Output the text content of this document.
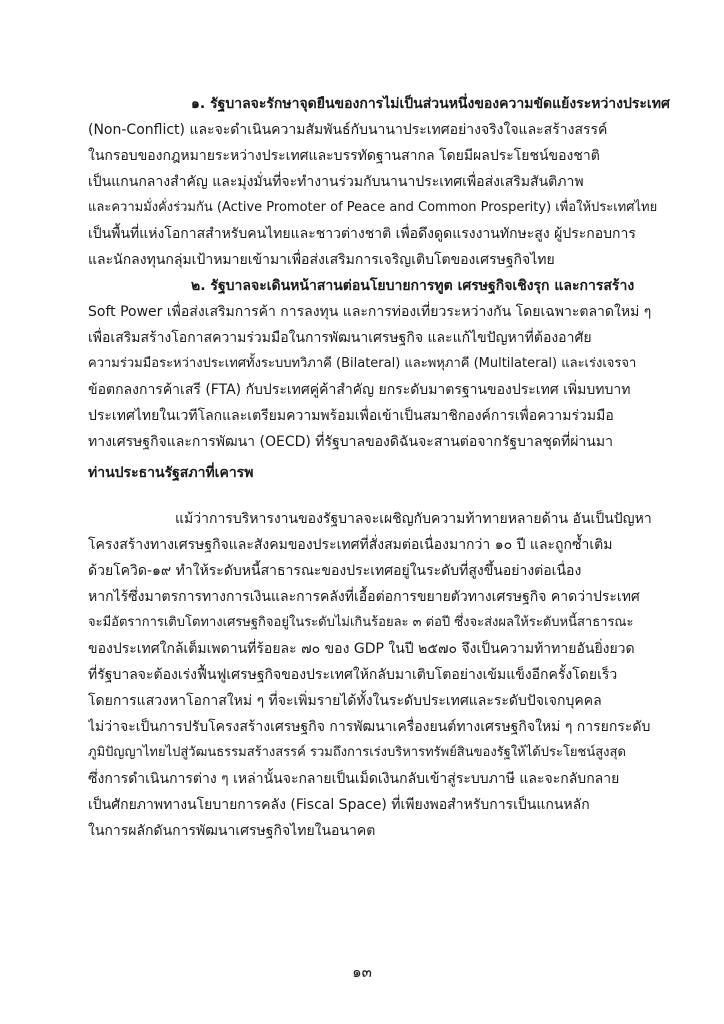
๑. รัฐบาลจะรักษาจุดยืนของการไม่เป็นส่วนหนึ่งของความขัดแย้งระหว่างประเทศ
(Non-Conflict) และจะดำเนินความสัมพันธ์กับนานาประเทศอย่างจริงใจและสร้างสรรค์
ในกรอบของกฎหมายระหว่างประเทศและบรรทัดฐานสากล โดยมีผลประโยชน์ของชาติ
เป็นแกนกลางสำคัญ และมุ่งมั่นที่จะทำงานร่วมกับนานาประเทศเพื่อส่งเสริมสันติภาพ
และความมั่งคั่งร่วมกัน (Active Promoter of Peace and Common Prosperity) เพื่อให้ประเทศไทย
เป็นพื้นที่แห่งโอกาสสำหรับคนไทยและชาวต่างชาติ เพื่อดึงดูดแรงงานทักษะสูง ผู้ประกอบการ
และนักลงทุนกลุ่มเป้าหมายเข้ามาเพื่อส่งเสริมการเจริญเติบโตของเศรษฐกิจไทย
๒. รัฐบาลจะเดินหน้าสานต่อนโยบายการทูต เศรษฐกิจเชิงรุก และการสร้าง
Soft Power เพื่อส่งเสริมการค้า การลงทุน และการท่องเที่ยวระหว่างกัน โดยเฉพาะตลาดใหม่ ๆ
เพื่อเสริมสร้างโอกาสความร่วมมือในการพัฒนาเศรษฐกิจ และแก้ไขปัญหาที่ต้องอาศัย
ความร่วมมือระหว่างประเทศทั้งระบบทวิภาคี (Bilateral) และพหุภาคี (Multilateral) และเร่งเจรจา
ข้อตกลงการค้าเสรี (FTA) กับประเทศคู่ค้าสำคัญ ยกระดับมาตรฐานของประเทศ เพิ่มบทบาท
ประเทศไทยในเวทีโลกและเตรียมความพร้อมเพื่อเข้าเป็นสมาชิกองค์การเพื่อความร่วมมือ
ทางเศรษฐกิจและการพัฒนา (OECD) ที่รัฐบาลของดิฉันจะสานต่อจากรัฐบาลชุดที่ผ่านมา
ท่านประธานรัฐสภาที่เคารพ
แม้ว่าการบริหารงานของรัฐบาลจะเผชิญกับความท้าทายหลายด้าน อันเป็นปัญหา
โครงสร้างทางเศรษฐกิจและสังคมของประเทศที่สั่งสมต่อเนื่องมากว่า ๑๐ ปี และถูกซ้ำเติม
ด้วยโควิด-๑๙ ทำให้ระดับหนี้สาธารณะของประเทศอยู่ในระดับที่สูงขึ้นอย่างต่อเนื่อง
หากไร้ซึ่งมาตรการทางการเงินและการคลังที่เอื้อต่อการขยายตัวทางเศรษฐกิจ คาดว่าประเทศ
จะมีอัตราการเติบโตทางเศรษฐกิจอยู่ในระดับไม่เกินร้อยละ ๓ ต่อปี ซึ่งจะส่งผลให้ระดับหนี้สาธารณะ
ของประเทศใกล้เต็มเพดานที่ร้อยละ ๗๐ ของ GDP ในปี ๒๕๗๐ จึงเป็นความท้าทายอันยิ่งยวด
ที่รัฐบาลจะต้องเร่งฟื้นฟูเศรษฐกิจของประเทศให้กลับมาเติบโตอย่างเข้มแข็งอีกครั้งโดยเร็ว
โดยการแสวงหาโอกาสใหม่ ๆ ที่จะเพิ่มรายได้ทั้งในระดับประเทศและระดับปัจเจกบุคคล
ไม่ว่าจะเป็นการปรับโครงสร้างเศรษฐกิจ การพัฒนาเครื่องยนต์ทางเศรษฐกิจใหม่ ๆ การยกระดับ
ภูมิปัญญาไทยไปสู่วัฒนธรรมสร้างสรรค์ รวมถึงการเร่งบริหารทรัพย์สินของรัฐให้ได้ประโยชน์สูงสุด
ซึ่งการดำเนินการต่าง ๆ เหล่านั้นจะกลายเป็นเม็ดเงินกลับเข้าสู่ระบบภาษี และจะกลับกลาย
เป็นศักยภาพทางนโยบายการคลัง (Fiscal Space) ที่เพียงพอสำหรับการเป็นแกนหลัก
ในการผลักดันการพัฒนาเศรษฐกิจไทยในอนาคต
๑๓
